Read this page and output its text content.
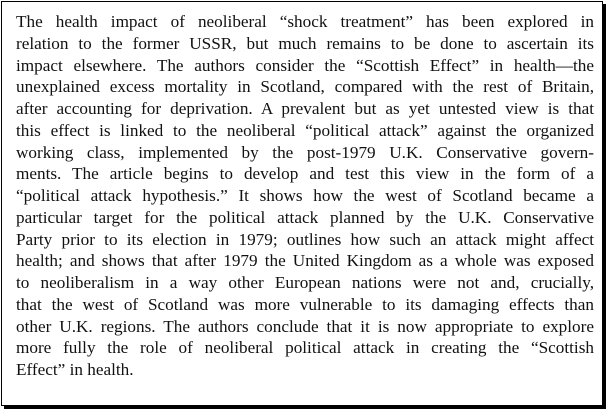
The health impact of neoliberal “shock treatment” has been explored in
relation to the former USSR, but much remains to be done to ascertain its
impact elsewhere. The authors consider the “Scottish Effect” in health—the
unexplained excess mortality in Scotland, compared with the rest of Britain,
after accounting for deprivation. A prevalent but as yet untested view is that
this effect is linked to the neoliberal “political attack” against the organized
working class, implemented by the post-1979 U.K. Conservative govern-
ments. The article begins to develop and test this view in the form of a
“political attack hypothesis.” It shows how the west of Scotland became a
particular target for the political attack planned by the U.K. Conservative
Party prior to its election in 1979; outlines how such an attack might affect
health; and shows that after 1979 the United Kingdom as a whole was exposed
to neoliberalism in a way other European nations were not and, crucially,
that the west of Scotland was more vulnerable to its damaging effects than
other U.K. regions. The authors conclude that it is now appropriate to explore
more fully the role of neoliberal political attack in creating the “Scottish
Effect” in health.
